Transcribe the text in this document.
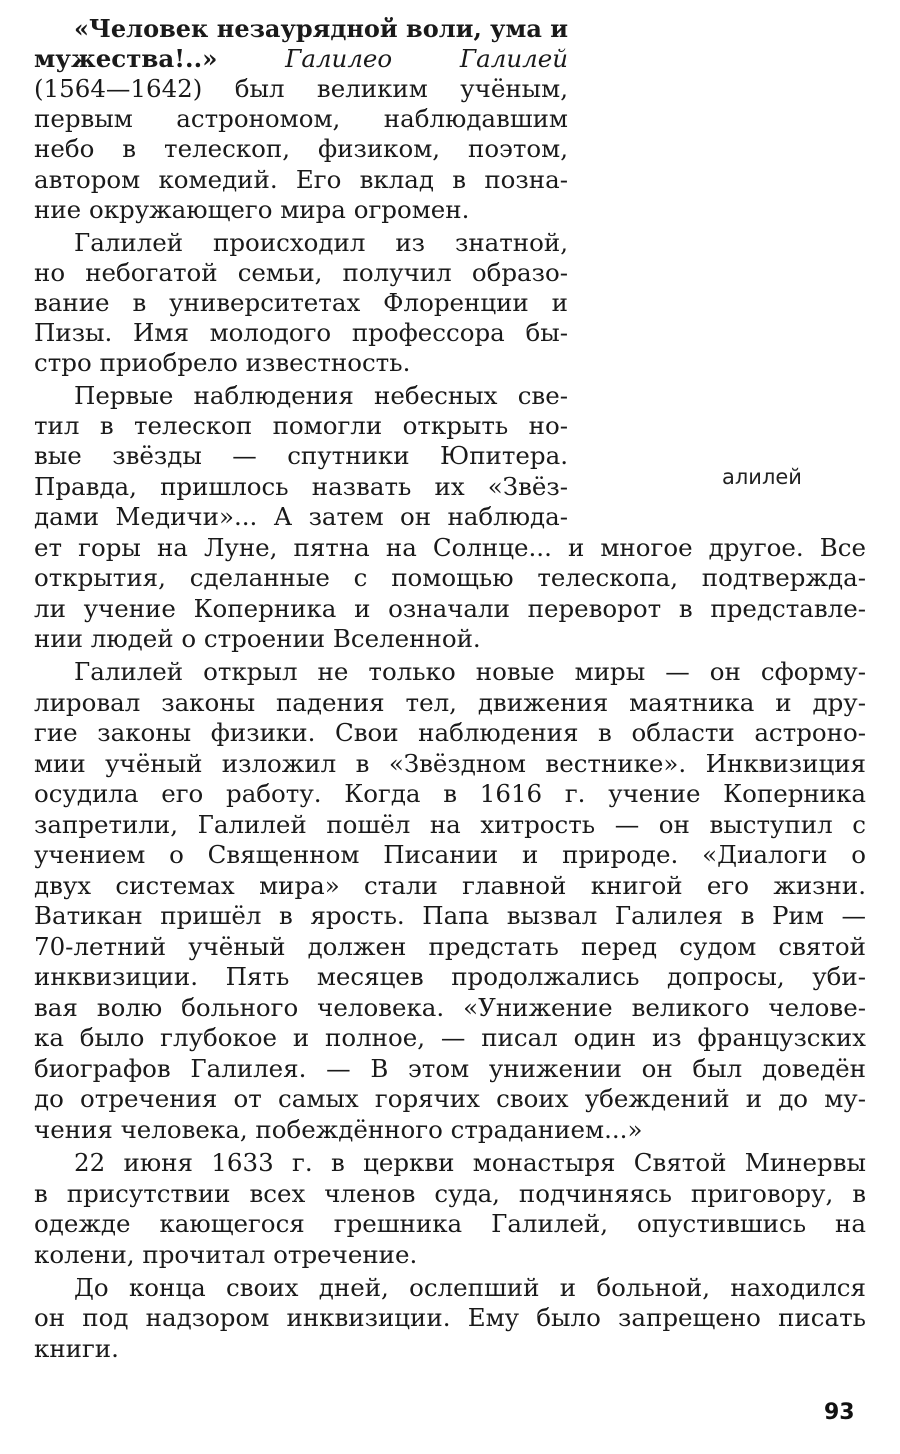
«Человек незаурядной воли, ума и
мужества!..»	Галилео	Галилей
(1564—1642) был великим учёным,
первым астрономом, наблюдавшим
небо в телескоп, физиком, поэтом,
автором комедий. Его вклад в позна-
ние окружающего мира огромен.
Галилей происходил из знатной,
но небогатой семьи, получил образо-
вание в университетах Флоренции и
Пизы. Имя молодого профессора бы-
стро приобрело известность.
Первые наблюдения небесных све-
тил в телескоп помогли открыть но-
вые звёзды — спутники Юпитера.
Правда, пришлось назвать их «Звёз-
дами Медичи»... А затем он наблюда-
ет горы на Луне, пятна на Солнце... и многое другое. Все
открытия, сделанные с помощью телескопа, подтвержда-
ли учение Коперника и означали переворот в представле-
нии людей о строении Вселенной.
алилей
Галилей открыл не только новые миры — он сформу-
лировал законы падения тел, движения маятника и дру-
гие законы физики. Свои наблюдения в области астроно-
мии учёный изложил в «Звёздном вестнике». Инквизиция
осудила его работу. Когда в 1616 г. учение Коперника
запретили, Галилей пошёл на хитрость — он выступил с
учением о Священном Писании и природе. «Диалоги о
двух системах мира» стали главной книгой его жизни.
Ватикан пришёл в ярость. Папа вызвал Галилея в Рим —
70-летний учёный должен предстать перед судом святой
инквизиции. Пять месяцев продолжались допросы, уби-
вая волю больного человека. «Унижение великого челове-
ка было глубокое и полное, — писал один из французских
биографов Галилея. — В этом унижении он был доведён
до отречения от самых горячих своих убеждений и до му-
чения человека, побеждённого страданием...»
22 июня 1633 г. в церкви монастыря Святой Минервы
в присутствии всех членов суда, подчиняясь приговору, в
одежде кающегося грешника Галилей, опустившись на
колени, прочитал отречение.
До конца своих дней, ослепший и больной, находился
он под надзором инквизиции. Ему было запрещено писать
книги.
93
